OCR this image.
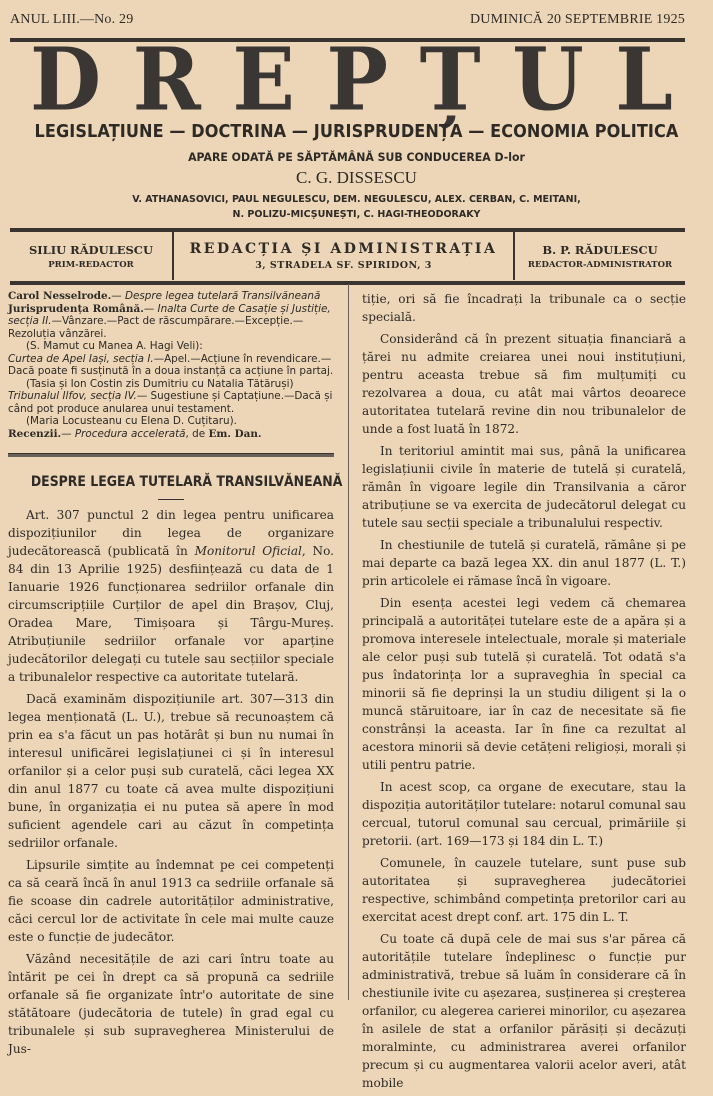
ANUL LIII.—No. 29	DUMINICĂ 20 SEPTEMBRIE 1925
D R E P Ț U L
LEGISLAȚIUNE — DOCTRINA — JURISPRUDENȚA — ECONOMIA POLITICA
APARE ODATĂ PE SĂPTĂMÂNĂ SUB CONDUCEREA D-lor
C. G. DISSESCU
V. ATHANASOVICI, PAUL NEGULESCU, DEM. NEGULESCU, ALEX. CERBAN, C. MEITANI,
N. POLIZU-MICȘUNEȘTI, C. HAGI-THEODORAKY
SILIU RĂDULESCU
PRIM-REDACTOR
REDACȚIA ȘI ADMINISTRAȚIA
3, STRADELA SF. SPIRIDON, 3
B. P. RĂDULESCU
REDACTOR-ADMINISTRATOR
Carol Nesselrode.— Despre legea tutelară Transilvăneană
Jurisprudența Română.— Inalta Curte de Casație și Justiție, secția II.—Vânzare.—Pact de răscumpărare.—Excepție.—Rezoluția vânzărei.
(S. Mamut cu Manea A. Hagi Veli):
Curtea de Apel Iași, secția I.—Apel.—Acțiune în revendicare.—Dacă poate fi susținută în a doua instanță ca acțiune în partaj.
(Tasia și Ion Costin zis Dumitriu cu Natalia Tătăruși)
Tribunalul Ilfov, secția IV.— Sugestiune și Captațiune.—Dacă și când pot produce anularea unui testament.
(Maria Locusteanu cu Elena D. Cuțitaru).
Recenzii.— Procedura accelerată, de Em. Dan.
DESPRE LEGEA TUTELARĂ TRANSILVĂNEANĂ

Art. 307 punctul 2 din legea pentru unificarea dispozițiunilor din legea de organizare judecătorească (publicată în Monitorul Oficial, No. 84 din 13 Aprilie 1925) desființează cu data de 1 Ianuarie 1926 funcționarea sedriilor orfanale din circumscripțiile Curților de apel din Brașov, Cluj, Oradea Mare, Timișoara și Târgu-Mureș. Atribuțiunile sedriilor orfanale vor aparține judecătorilor delegați cu tutele sau secțiilor speciale a tribunalelor respective ca autoritate tutelară.

Dacă examinăm dispozițiunile art. 307—313 din legea menționată (L. U.), trebue să recunoaștem că prin ea s'a făcut un pas hotărât și bun nu numai în interesul unificărei legislațiunei ci și în interesul orfanilor și a celor puși sub curatelă, căci legea XX din anul 1877 cu toate că avea multe dispozițiuni bune, în organizația ei nu putea să apere în mod suficient agendele cari au căzut în competința sedriilor orfanale.

Lipsurile simțite au îndemnat pe cei competenți ca să ceară încă în anul 1913 ca sedriile orfanale să fie scoase din cadrele autorităților administrative, căci cercul lor de activitate în cele mai multe cauze este o funcție de judecător.

Văzând necesitățile de azi cari întru toate au întărit pe cei în drept ca să propună ca sedriile orfanale să fie organizate într'o autoritate de sine stătătoare (judecătoria de tutele) în grad egal cu tribunalele și sub supravegherea Ministerului de Jus-

tiție, ori să fie încadrați la tribunale ca o secție specială.

Considerând că în prezent situația financiară a țărei nu admite creiarea unei noui instituțiuni, pentru aceasta trebue să fim mulțumiți cu rezolvarea a doua, cu atât mai vârtos deoarece autoritatea tutelară revine din nou tribunalelor de unde a fost luată în 1872.

In teritoriul amintit mai sus, până la unificarea legislațiunii civile în materie de tutelă și curatelă, rămân în vigoare legile din Transilvania a căror atribuțiune se va exercita de judecătorul delegat cu tutele sau secții speciale a tribunalului respectiv.

In chestiunile de tutelă și curatelă, rămâne și pe mai departe ca bază legea XX. din anul 1877 (L. T.) prin articolele ei rămase încă în vigoare.

Din esența acestei legi vedem că chemarea principală a autorităței tutelare este de a apăra și a promova interesele intelectuale, morale și materiale ale celor puși sub tutelă și curatelă. Tot odată s'a pus îndatorința lor a supraveghia în special ca minorii să fie deprinși la un studiu diligent și la o muncă stăruitoare, iar în caz de necesitate să fie constrânși la aceasta. Iar în fine ca rezultat al acestora minorii să devie cetățeni religioși, morali și utili pentru patrie.

In acest scop, ca organe de executare, stau la dispoziția autorităților tutelare: notarul comunal sau cercual, tutorul comunal sau cercual, primăriile și pretorii. (art. 169—173 și 184 din L. T.)

Comunele, în cauzele tutelare, sunt puse sub autoritatea și supravegherea judecătoriei respective, schimbând competința pretorilor cari au exercitat acest drept conf. art. 175 din L. T.

Cu toate că după cele de mai sus s'ar părea că autoritățile tutelare îndeplinesc o funcție pur administrativă, trebue să luăm în considerare că în chestiunile ivite cu așezarea, susținerea și creșterea orfanilor, cu alegerea carierei minorilor, cu așezarea în asilele de stat a orfanilor părăsiți și decăzuți moralminte, cu administrarea averei orfanilor precum și cu augmentarea valorii acelor averi, atât mobile
